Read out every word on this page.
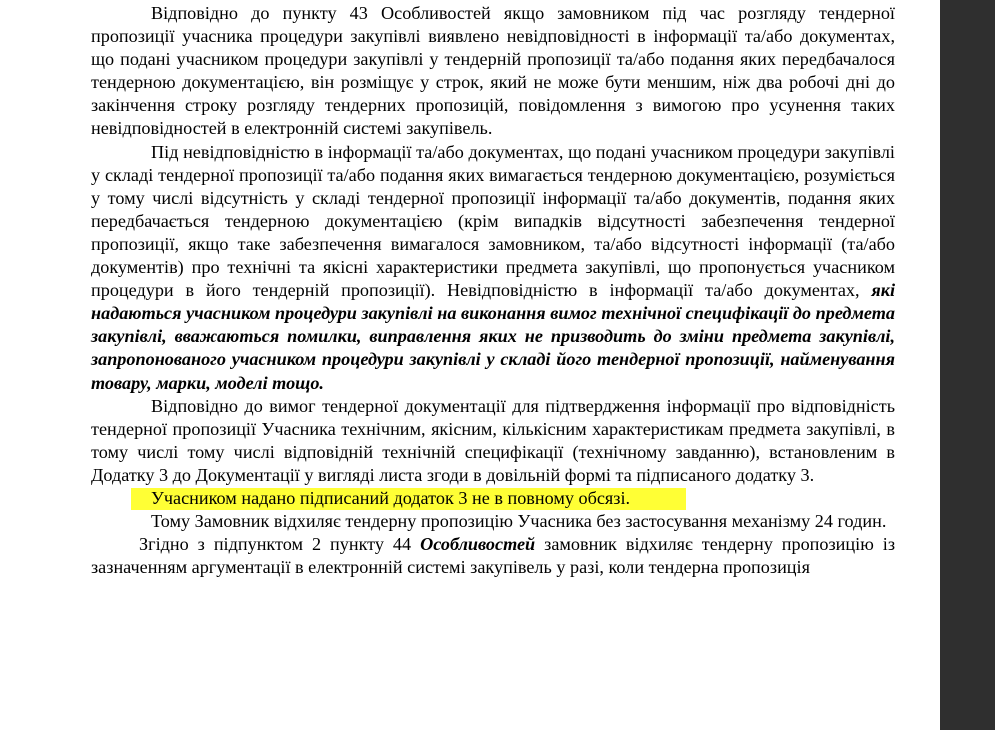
Відповідно до пункту 43 Особливостей якщо замовником під час розгляду тендерної пропозиції учасника процедури закупівлі виявлено невідповідності в інформації та/або документах, що подані учасником процедури закупівлі у тендерній пропозиції та/або подання яких передбачалося тендерною документацією, він розміщує у строк, який не може бути меншим, ніж два робочі дні до закінчення строку розгляду тендерних пропозицій, повідомлення з вимогою про усунення таких невідповідностей в електронній системі закупівель.

Під невідповідністю в інформації та/або документах, що подані учасником процедури закупівлі у складі тендерної пропозиції та/або подання яких вимагається тендерною документацією, розуміється у тому числі відсутність у складі тендерної пропозиції інформації та/або документів, подання яких передбачається тендерною документацією (крім випадків відсутності забезпечення тендерної пропозиції, якщо таке забезпечення вимагалося замовником, та/або відсутності інформації (та/або документів) про технічні та якісні характеристики предмета закупівлі, що пропонується учасником процедури в його тендерній пропозиції). Невідповідністю в інформації та/або документах, які надаються учасником процедури закупівлі на виконання вимог технічної специфікації до предмета закупівлі, вважаються помилки, виправлення яких не призводить до зміни предмета закупівлі, запропонованого учасником процедури закупівлі у складі його тендерної пропозиції, найменування товару, марки, моделі тощо.

Відповідно до вимог тендерної документації для підтвердження інформації про відповідність тендерної пропозиції Учасника технічним, якісним, кількісним характеристикам предмета закупівлі, в тому числі тому числі відповідній технічній специфікації (технічному завданню), встановленим в Додатку 3 до Документації у вигляді листа згоди в довільній формі та підписаного додатку 3.

Учасником надано підписаний додаток 3 не в повному обсязі.

Тому Замовник відхиляє тендерну пропозицію Учасника без застосування механізму 24 годин.

Згідно з підпунктом 2 пункту 44 Особливостей замовник відхиляє тендерну пропозицію із зазначенням аргументації в електронній системі закупівель у разі, коли тендерна пропозиція
